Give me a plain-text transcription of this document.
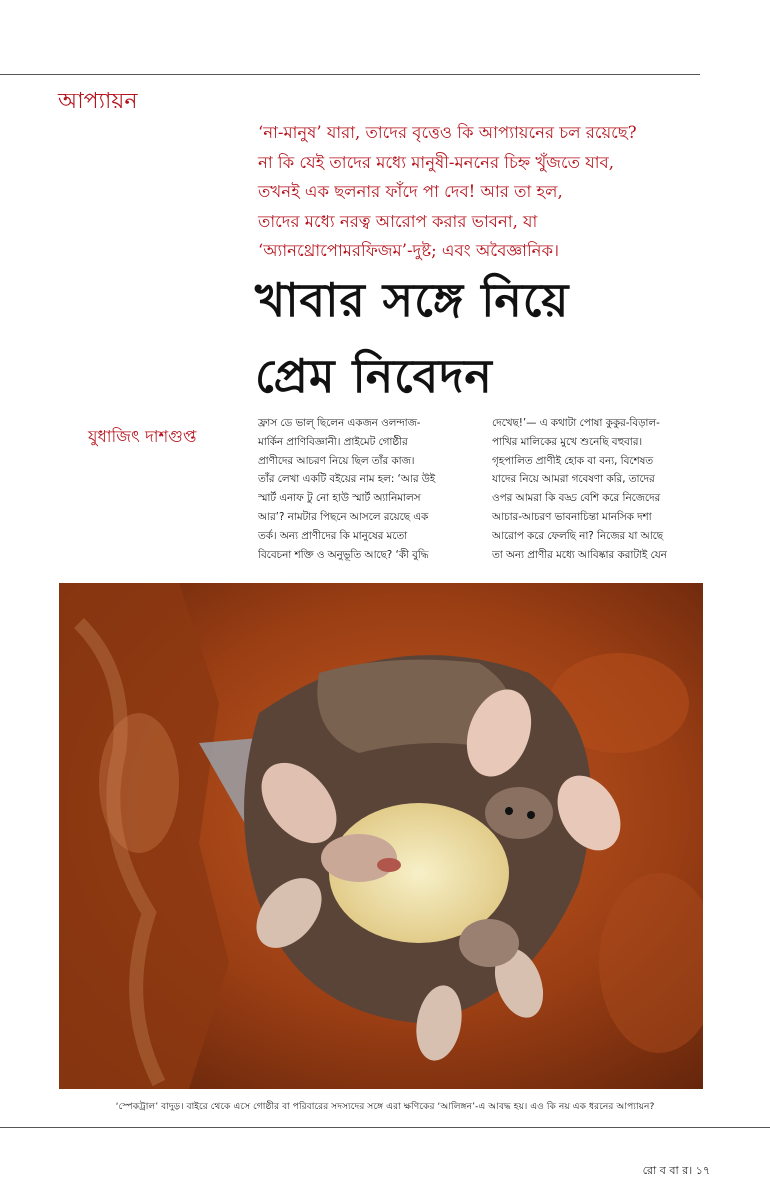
আপ্যায়ন
‘না-মানুষ’ যারা, তাদের বৃত্তেও কি আপ্যায়নের চল রয়েছে?
না কি যেই তাদের মধ্যে মানুষী-মননের চিহ্ন খুঁজতে যাব,
তখনই এক ছলনার ফাঁদে পা দেব! আর তা হল,
তাদের মধ্যে নরত্ব আরোপ করার ভাবনা, যা
‘অ্যানথ্রোপোমরফিজম’-দুষ্ট; এবং অবৈজ্ঞানিক।
খাবার সঙ্গে নিয়ে
প্রেম নিবেদন
যুধাজিৎ দাশগুপ্ত
ফ্রাস ডে ভাল্ ছিলেন একজন ওলন্দাজ-
মার্কিন প্রাণিবিজ্ঞানী। প্রাইমেট গোষ্ঠীর
প্রাণীদের আচরণ নিয়ে ছিল তাঁর কাজ।
তাঁর লেখা একটি বইয়ের নাম হল: ‘আর উই
স্মার্ট এনাফ টু নো হাউ স্মার্ট অ্যানিমালস
আর’? নামটার পিছনে আসলে রয়েছে এক
তর্ক। অন্য প্রাণীদের কি মানুষের মতো
বিবেচনা শক্তি ও অনুভূতি আছে? ‘কী বুদ্ধি
দেখেছ!’— এ কথাটা পোষা কুকুর-বিড়াল-
পাখির মালিকের মুখে শুনেছি বহুবার।
গৃহপালিত প্রাণীই হোক বা বন্য, বিশেষত
যাদের নিয়ে আমরা গবেষণা করি, তাদের
ওপর আমরা কি বড্ড বেশি করে নিজেদের
আচার-আচরণ ভাবনাচিন্তা মানসিক দশা
আরোপ করে ফেলছি না? নিজের যা আছে
তা অন্য প্রাণীর মধ্যে আবিষ্কার করাটাই যেন
‘স্পেকট্রাল’ বাদুড়। বাইরে থেকে এসে গোষ্ঠীর বা পরিবারের সদস্যদের সঙ্গে এরা ক্ষণিকের ‘আলিঙ্গন’-এ আবদ্ধ হয়। এও কি নয় এক ধরনের আপ্যায়ন?
রো ব বা র। ১৭
